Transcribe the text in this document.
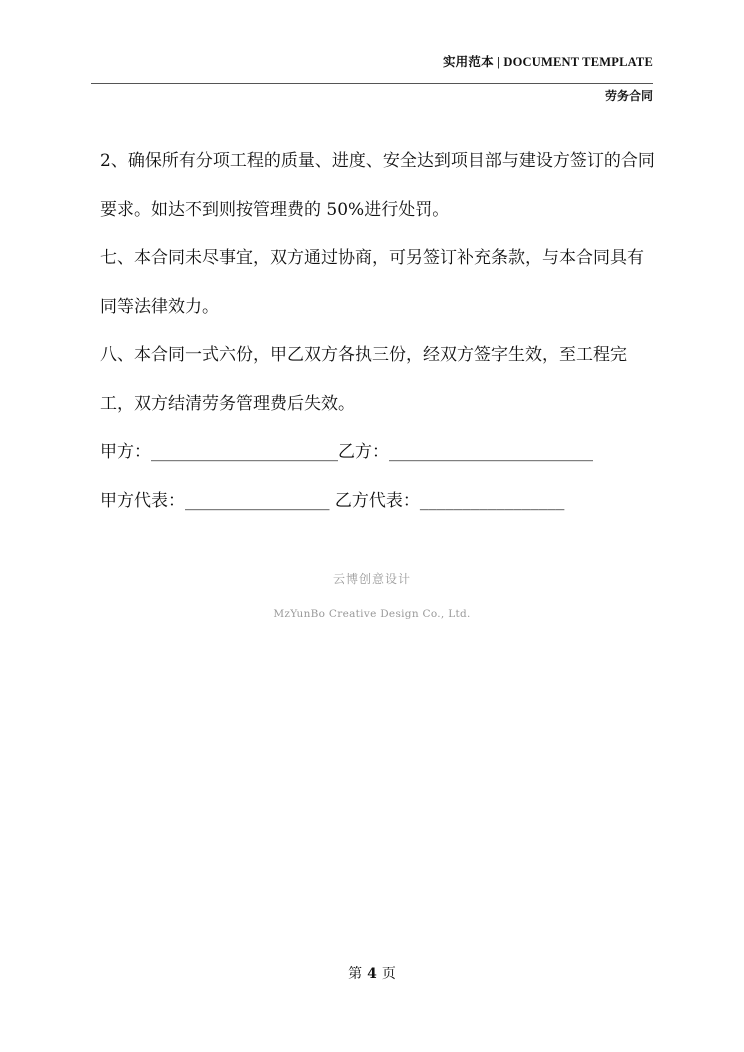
实用范本 | DOCUMENT TEMPLATE
劳务合同

2、确保所有分项工程的质量、进度、安全达到项目部与建设方签订的合同要求。如达不到则按管理费的 50%进行处罚。

七、本合同未尽事宜，双方通过协商，可另签订补充条款，与本合同具有同等法律效力。

八、本合同一式六份，甲乙双方各执三份，经双方签字生效，至工程完工，双方结清劳务管理费后失效。

甲方：______________________乙方：________________________

甲方代表：_________________ 乙方代表：_________________

云博创意设计
MzYunBo Creative Design Co., Ltd.
第 4 页
